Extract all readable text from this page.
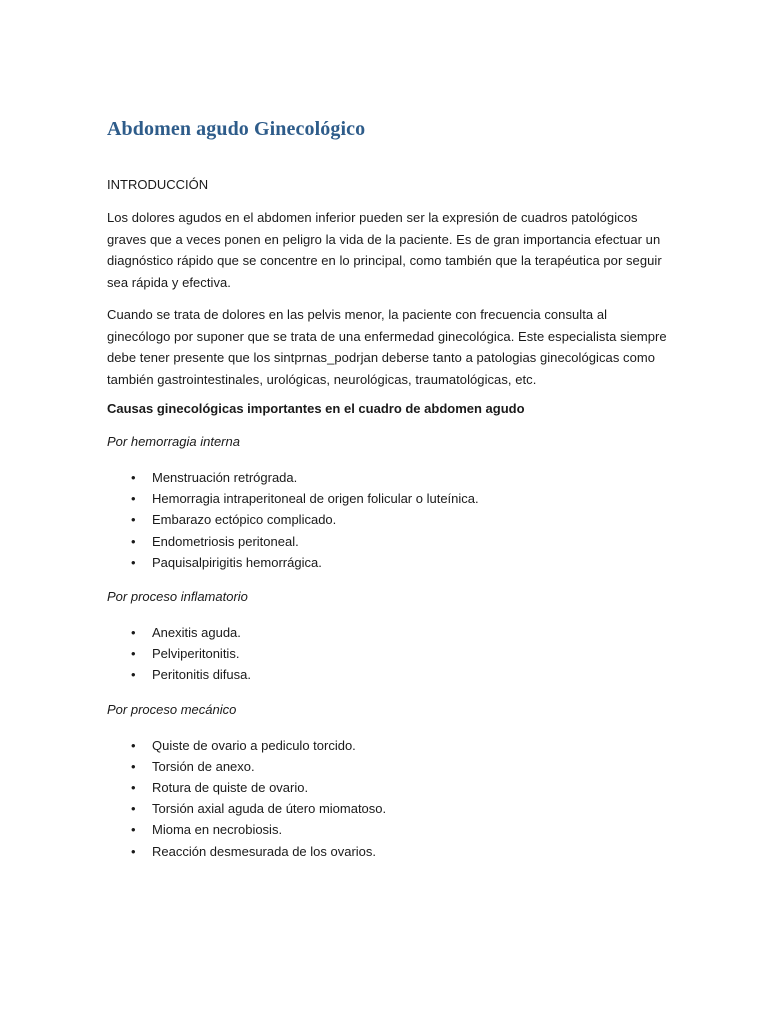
Abdomen agudo Ginecológico
INTRODUCCIÓN

Los dolores agudos en el abdomen inferior pueden ser la expresión de cuadros patológicos graves que a veces ponen en peligro la vida de la paciente. Es de gran importancia efectuar un diagnóstico rápido que se concentre en lo principal, como también que la terapéutica por seguir sea rápida y efectiva.

Cuando se trata de dolores en las pelvis menor, la paciente con frecuencia consulta al ginecólogo por suponer que se trata de una enfermedad ginecológica. Este especialista siempre debe tener presente que los sintprnas_podrjan deberse tanto a patologias ginecológicas como también gastrointestinales, urológicas, neurológicas, traumatológicas, etc.

Causas ginecológicas importantes en el cuadro de abdomen agudo
Por hemorragia interna
• Menstruación retrógrada.
• Hemorragia intraperitoneal de origen folicular o luteínica.
• Embarazo ectópico complicado.
• Endometriosis peritoneal.
• Paquisalpirigitis hemorrágica.
Por proceso inflamatorio
• Anexitis aguda.
• Pelviperitonitis.
• Peritonitis difusa.
Por proceso mecánico
• Quiste de ovario a pediculo torcido.
• Torsión de anexo.
• Rotura de quiste de ovario.
• Torsión axial aguda de útero miomatoso.
• Mioma en necrobiosis.
• Reacción desmesurada de los ovarios.
